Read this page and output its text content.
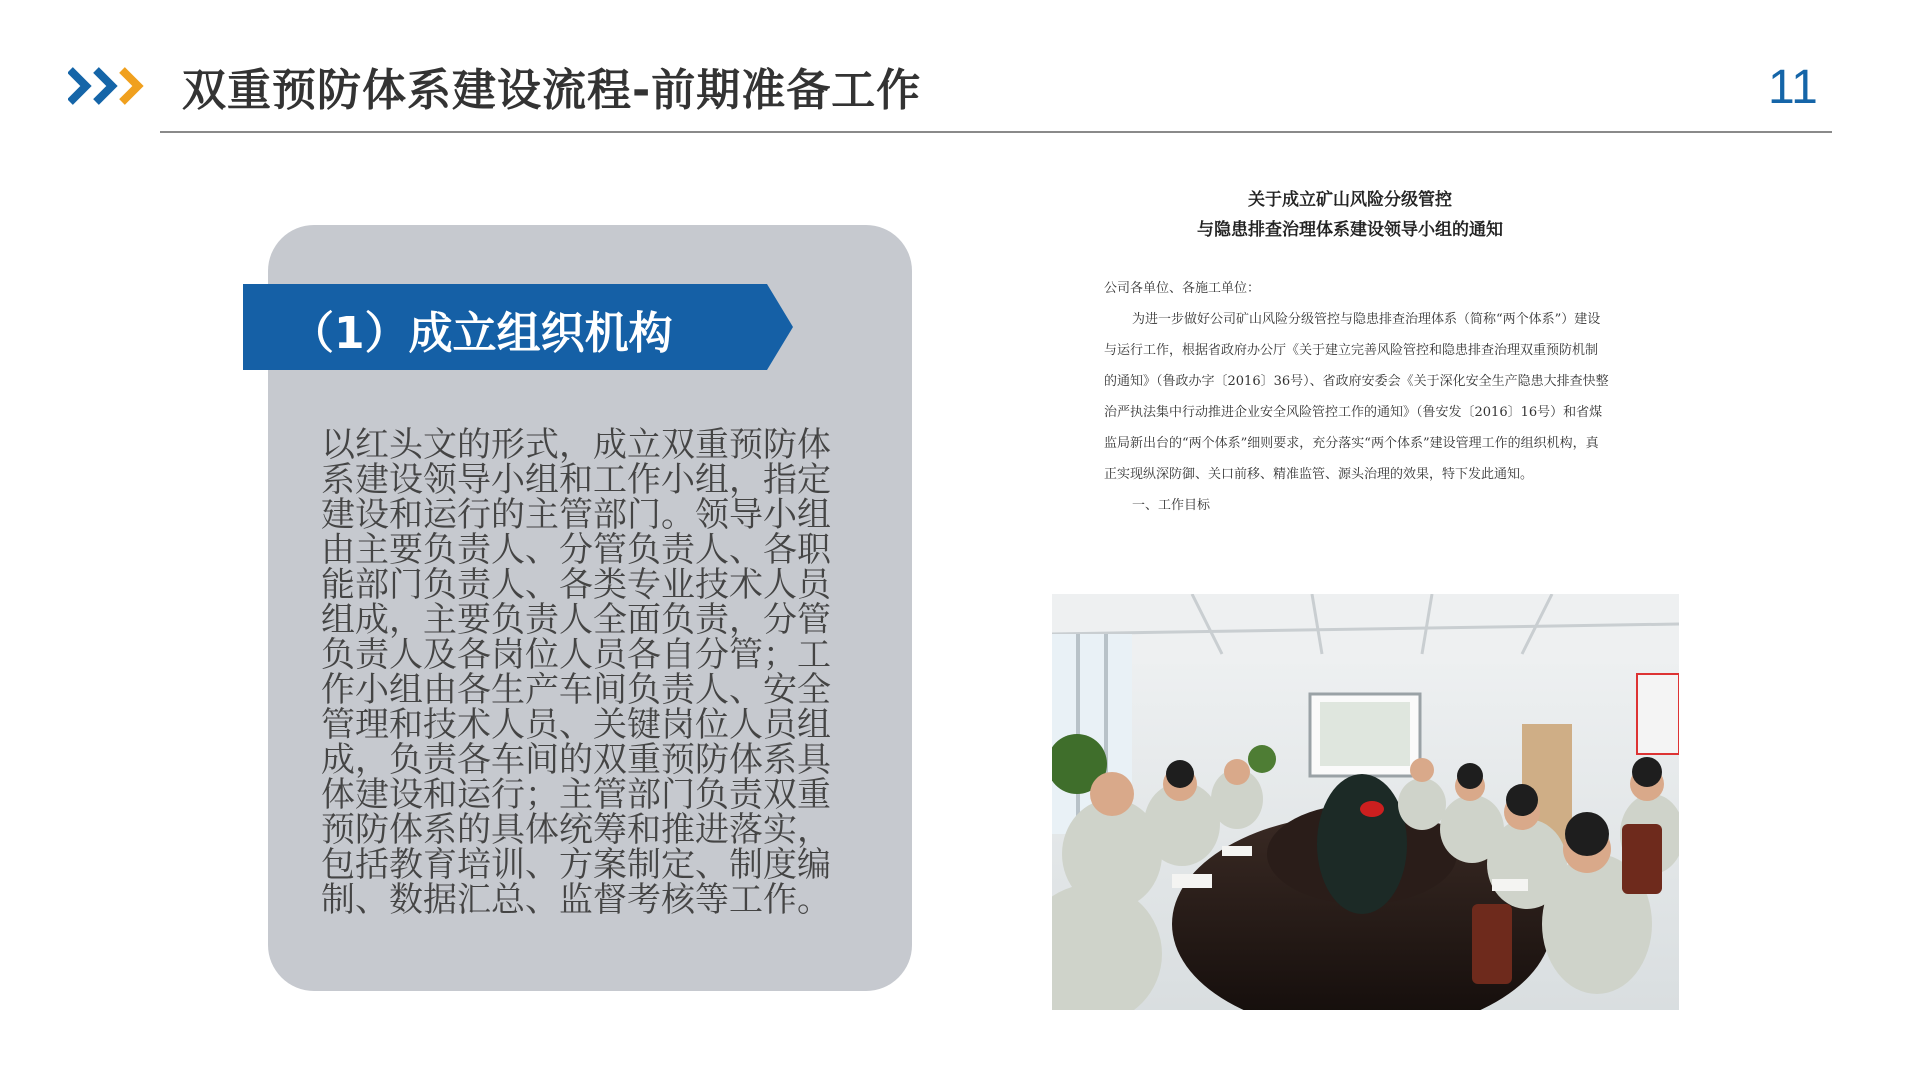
双重预防体系建设流程-前期准备工作	11
（1）成立组织机构
以红头文的形式，成立双重预防体系建设领导小组和工作小组，指定建设和运行的主管部门。领导小组由主要负责人、分管负责人、各职能部门负责人、各类专业技术人员组成，主要负责人全面负责，分管负责人及各岗位人员各自分管；工作小组由各生产车间负责人、安全管理和技术人员、关键岗位人员组成，负责各车间的双重预防体系具体建设和运行；主管部门负责双重预防体系的具体统筹和推进落实，包括教育培训、方案制定、制度编制、数据汇总、监督考核等工作。
关于成立矿山风险分级管控
与隐患排查治理体系建设领导小组的通知

公司各单位、各施工单位：

为进一步做好公司矿山风险分级管控与隐患排查治理体系（简称“两个体系”）建设与运行工作，根据省政府办公厅《关于建立完善风险管控和隐患排查治理双重预防机制的通知》（鲁政办字〔2016〕36号）、省政府安委会《关于深化安全生产隐患大排查快整治严执法集中行动推进企业安全风险管控工作的通知》（鲁安发〔2016〕16号）和省煤监局新出台的“两个体系”细则要求，充分落实“两个体系”建设管理工作的组织机构，真正实现纵深防御、关口前移、精准监管、源头治理的效果，特下发此通知。

一、工作目标
